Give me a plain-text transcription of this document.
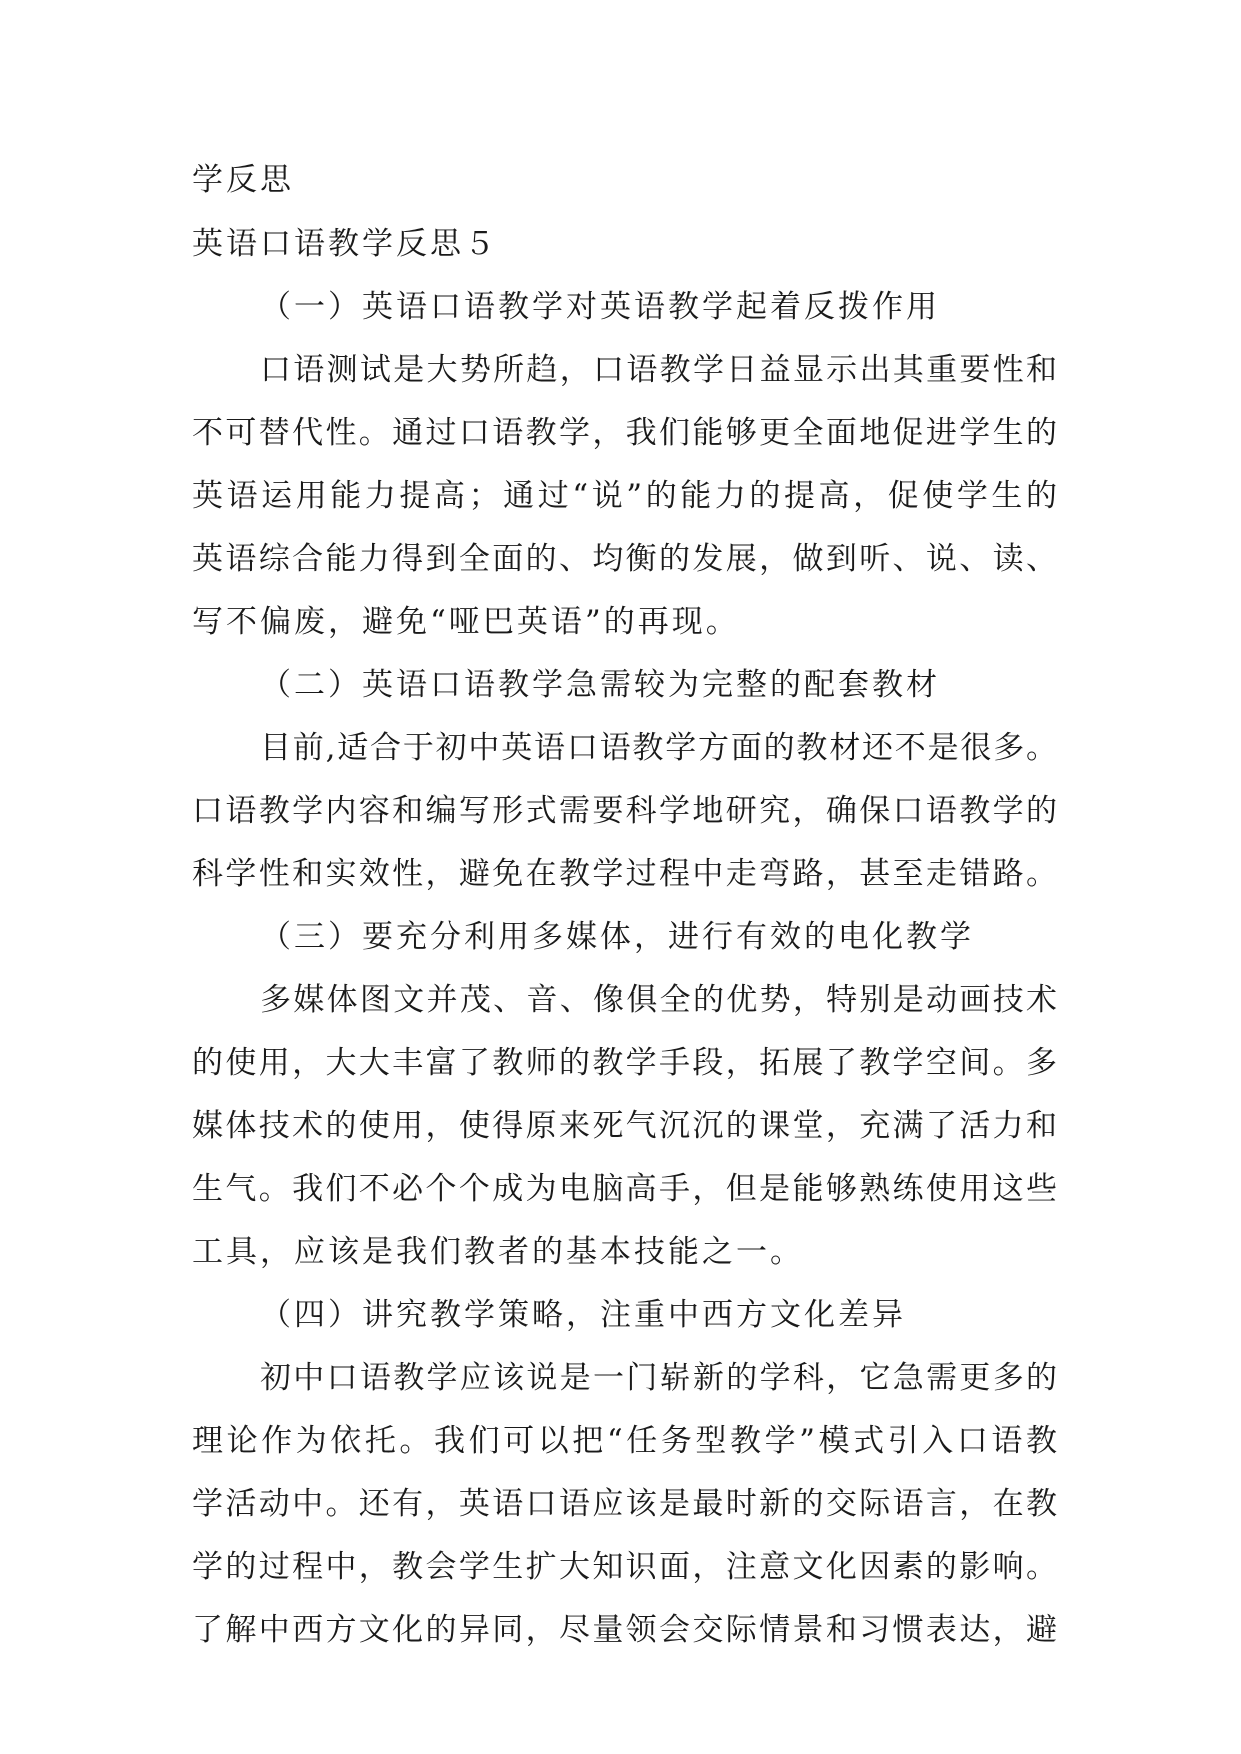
学反思
英语口语教学反思５
（一）英语口语教学对英语教学起着反拨作用
口语测试是大势所趋，口语教学日益显示出其重要性和
不可替代性。通过口语教学，我们能够更全面地促进学生的
英语运用能力提高；通过“说”的能力的提高，促使学生的
英语综合能力得到全面的、均衡的发展，做到听、说、读、
写不偏废，避免“哑巴英语”的再现。
（二）英语口语教学急需较为完整的配套教材
目前,适合于初中英语口语教学方面的教材还不是很多。
口语教学内容和编写形式需要科学地研究，确保口语教学的
科学性和实效性，避免在教学过程中走弯路，甚至走错路。
（三）要充分利用多媒体，进行有效的电化教学
多媒体图文并茂、音、像俱全的优势，特别是动画技术
的使用，大大丰富了教师的教学手段，拓展了教学空间。多
媒体技术的使用，使得原来死气沉沉的课堂，充满了活力和
生气。我们不必个个成为电脑高手，但是能够熟练使用这些
工具，应该是我们教者的基本技能之一。
（四）讲究教学策略，注重中西方文化差异
初中口语教学应该说是一门崭新的学科，它急需更多的
理论作为依托。我们可以把“任务型教学”模式引入口语教
学活动中。还有，英语口语应该是最时新的交际语言，在教
学的过程中，教会学生扩大知识面，注意文化因素的影响。
了解中西方文化的异同，尽量领会交际情景和习惯表达，避
